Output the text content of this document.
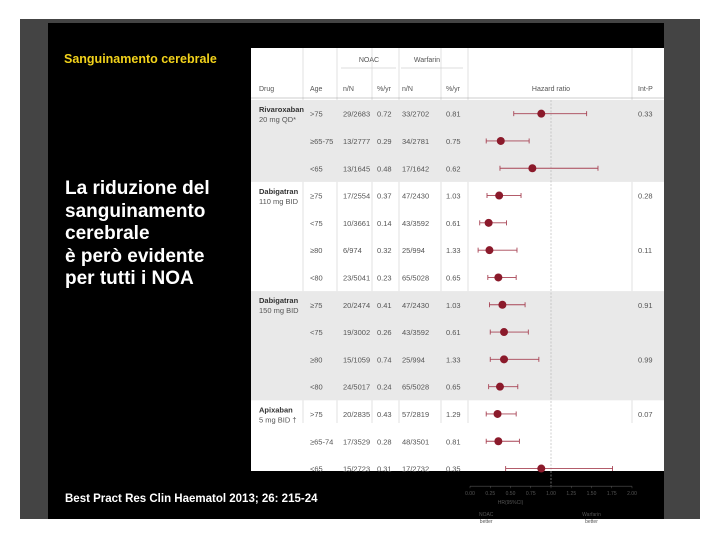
Sanguinamento cerebrale
La riduzione del
sanguinamento
cerebrale
è però evidente
per tutti i NOA
Best Pract Res Clin Haematol 2013; 26: 215-24
NOAC	Warfarin
Drug	Age	n/N	%/yr n/N	%/yr	Hazard ratio	Int-P
Rivaroxaban
20 mg QD*
>75	29/2683 0.72 33/2702 0.81	0.33
≥65-75 13/2777 0.29 34/2781 0.75
<65	13/1645 0.48 17/1642 0.62
Dabigatran
110 mg BID
≥75	17/2554 0.37 47/2430 1.03	0.28
<75	10/3661 0.14 43/3592 0.61
≥80	6/974 0.32 25/994	1.33	0.11
<80	23/5041 0.23 65/5028 0.65
Dabigatran
150 mg BID
≥75	20/2474 0.41 47/2430 1.03	0.91
<75	19/3002 0.26 43/3592 0.61
≥80	15/1059 0.74 25/994	1.33	0.99
<80	24/5017 0.24 65/5028 0.65
Apixaban
5 mg BID †
>75	20/2835 0.43 57/2819 1.29	0.07
≥65-74 17/3529 0.28 48/3501 0.81
<65	15/2723 0.31 17/2732 0.35
0.00 0.25 0.50 0.75 1.00 1.25 1.50 1.75 2.00
HR(95%CI)
NOAC
better
Warfarin
better
